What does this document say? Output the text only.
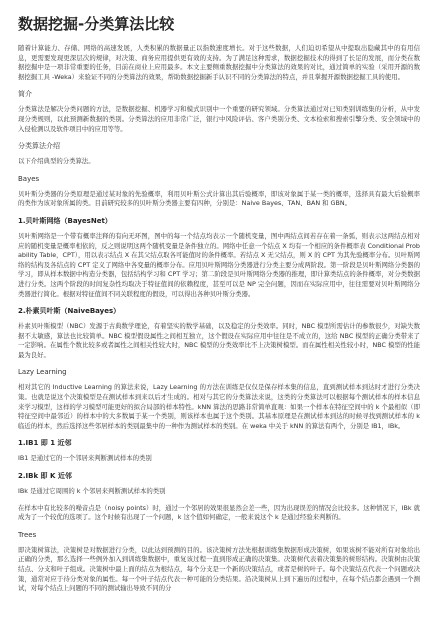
数据挖掘-分类算法比较
随着计算能力、存储、网络的高速发展，人类积累的数据量正以指数速度增长。对于这些数据，人们迫切希望从中提取出隐藏其中的有用信息，更需要发现更深层次的规律，对决策、商务应用提供更有效的支持。为了满足这种需求，数据挖掘技术的得到了长足的发展，而分类在数据挖掘中是一项非常重要的任务，目前在商业上应用最多。本文主要侧重数据挖掘中分类算法的效果的对比，通过简单的实验（采用开源的数据挖掘工具 -Weka）来验证不同的分类算法的效果，帮助数据挖掘新手认识不同的分类算法的特点，并且掌握开源数据挖掘工具的使用。
简介
分类算法是解决分类问题的方法，是数据挖掘、机器学习和模式识别中一个重要的研究领域。分类算法通过对已知类别训练集的分析，从中发现分类规则，以此预测新数据的类别。分类算法的应用非常广泛，银行中风险评估、客户类别分类、文本检索和搜索引擎分类、安全领域中的入侵检测以及软件项目中的应用等等。
分类算法介绍
以下介绍典型的分类算法。
Bayes
贝叶斯分类器的分类原理是通过某对象的先验概率，利用贝叶斯公式计算出其后验概率，即该对象属于某一类的概率，选择具有最大后验概率的类作为该对象所属的类。目前研究较多的贝叶斯分类器主要有四种，分别是：Naive Bayes、TAN、BAN 和 GBN。
1.贝叶斯网络（BayesNet）
贝叶斯网络是一个带有概率注释的有向无环图，图中的每一个结点均表示一个随机变量，图中两结点间若存在着一条弧，则表示这两结点相对应的随机变量是概率相依的，反之则说明这两个随机变量是条件独立的。网络中任意一个结点 X 均有一个相应的条件概率表 Conditional Probability Table，CPT），用以表示结点 X 在其父结点取各可能值时的条件概率。若结点 X 无父结点，则 X 的 CPT 为其先验概率分布。贝叶斯网络的结构及各结点的 CPT 定义了网络中各变量的概率分布。应用贝叶斯网络分类器进行分类主要分成两阶段。第一阶段是贝叶斯网络分类器的学习，即从样本数据中构造分类器，包括结构学习和 CPT 学习；第二阶段是贝叶斯网络分类器的推理，即计算类结点的条件概率，对分类数据进行分类。这两个阶段的时间复杂性均取决于特征值间的依赖程度，甚至可以是 NP 完全问题，因而在实际应用中，往往需要对贝叶斯网络分类器进行简化。根据对特征值间不同关联程度的假设，可以得出各种贝叶斯分类器。
2.朴素贝叶斯（NaiveBayes）
朴素贝叶斯模型（NBC）发源于古典数学理论，有着坚实的数学基础，以及稳定的分类效率。同时，NBC 模型所需估计的参数很少，对缺失数据不太敏感，算法也比较简单。NBC 模型假设属性之间相互独立，这个假设在实际应用中往往是不成立的，这给 NBC 模型的正确分类带来了一定影响。在属性个数比较多或者属性之间相关性较大时，NBC 模型的分类效率比不上决策树模型。而在属性相关性较小时，NBC 模型的性能最为良好。
Lazy Learning
相对其它的 Inductive Learning 的算法来说，Lazy Learning 的方法在训练是仅仅是保存样本集的信息，直到测试样本到达时才进行分类决策。也就是说这个决策模型是在测试样本到来以后才生成的。相对与其它的分类算法来说，这类的分类算法可以根据每个测试样本的样本信息来学习模型，这样的学习模型可能更好的拟合局部的样本特性。kNN 算法的思路非常简单直观：如果一个样本在特征空间中的 k 个最相似（即特征空间中最邻近）的样本中的大多数属于某一个类别，则该样本也属于这个类别。其基本原理是在测试样本到达的时候寻找到测试样本的 k 临近的样本，然后选择这些邻居样本的类别最集中的一种作为测试样本的类别。在 weka 中关于 kNN 的算法有两个，分别是 IB1，IBk。
1.IB1 即 1 近邻
IB1 是通过它的一个邻居来判断测试样本的类别
2.IBk 即 K 近邻
IBk 是通过它周围的 k 个邻居来判断测试样本的类别
在样本中有比较多的噪音点是（noisy points）时，通过一个邻居的效果很显然会差一些，因为出现误差的情况会比较多。这种情况下，IBk 就成为了一个较优的选项了。这个时候有出现了一个问题，k 这个值如何确定，一般来说这个 k 是通过经验来判断的。
Trees
即决策树算法，决策树是对数据进行分类，以此达到预测的目的。该决策树方法先根据训练集数据形成决策树，如果该树不能对所有对象给出正确的分类，那么选择一些例外加入到训练集数据中，重复该过程一直到形成正确的决策集。决策树代表着决策集的树形结构。决策树由决策结点、分支和叶子组成。决策树中最上面的结点为根结点，每个分支是一个新的决策结点，或者是树的叶子。每个决策结点代表一个问题或决策，通常对应于待分类对象的属性。每一个叶子结点代表一种可能的分类结果。沿决策树从上到下遍历的过程中，在每个结点都会遇到一个测试，对每个结点上问题的不同的测试输出导致不同的分
